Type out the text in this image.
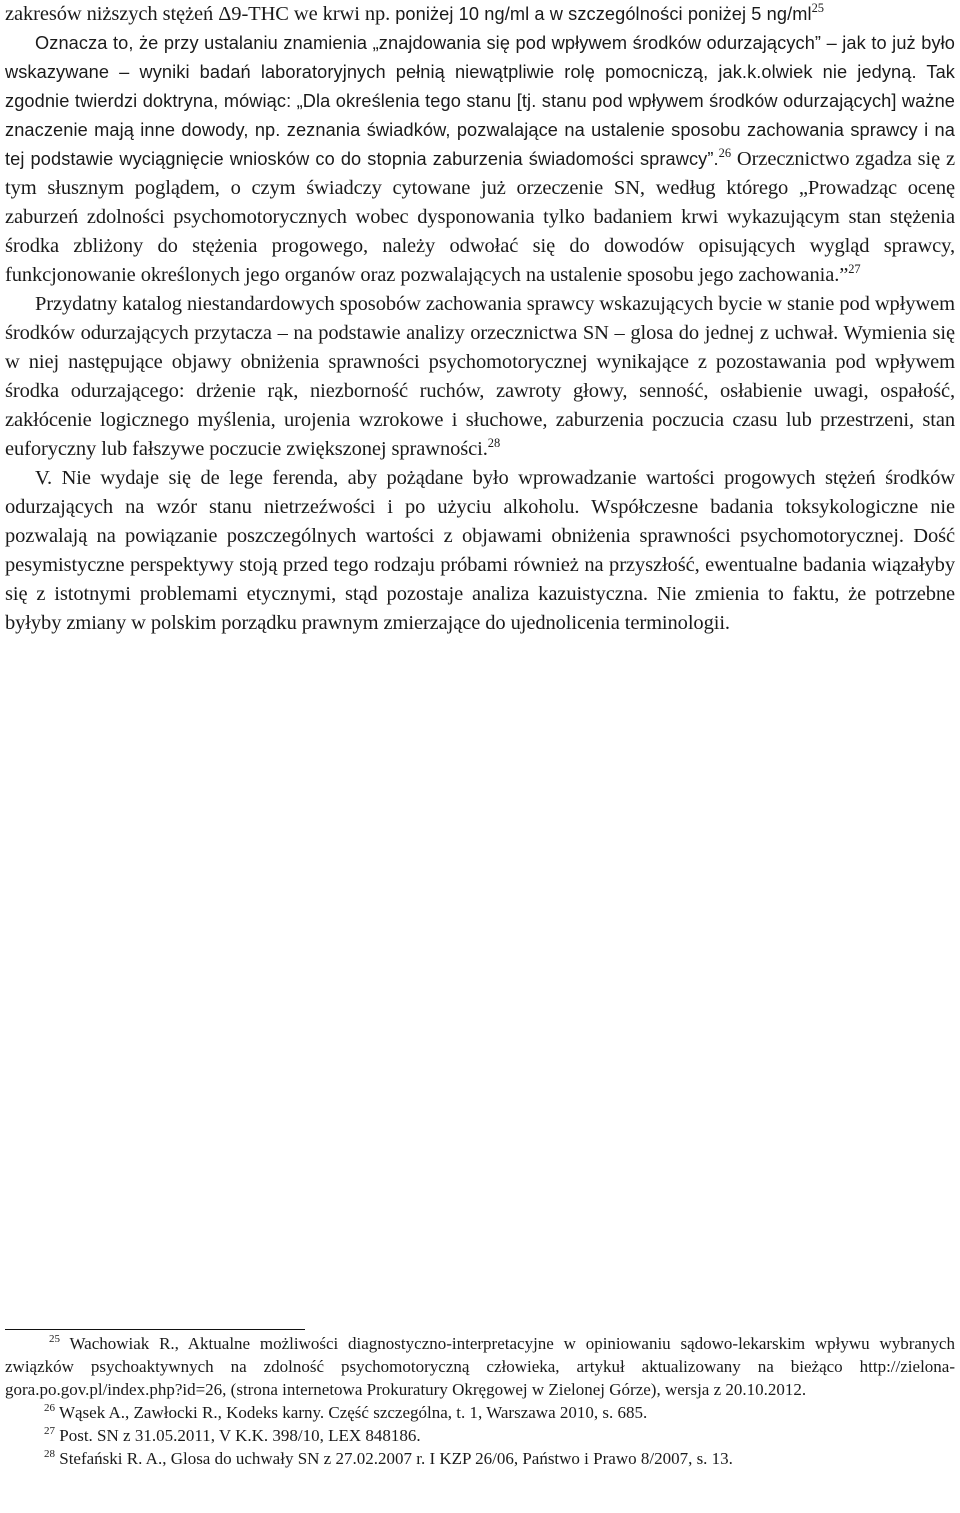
zakresów niższych stężeń Δ9-THC we krwi np. poniżej 10 ng/ml a w szczególności poniżej 5 $ng/ml^{25}$

Oznacza to, że przy ustalaniu znamienia „znajdowania się pod wpływem środków odurzających” – jak to już było wskazywane – wyniki badań laboratoryjnych pełnią niewątpliwie rolę pomocniczą, jak.k.olwiek nie jedyną. Tak zgodnie twierdzi doktryna, mówiąc: „Dla określenia tego stanu [tj. stanu pod wpływem środków odurzających] ważne znaczenie mają inne dowody, np. zeznania świadków, pozwalające na ustalenie sposobu zachowania sprawcy i na tej podstawie wyciągnięcie wniosków co do stopnia zaburzenia świadomości sprawcy”.$^{26}$ Orzecznictwo zgadza się z tym słusznym poglądem, o czym świadczy cytowane już orzeczenie SN, według którego „Prowadząc ocenę zaburzeń zdolności psychomotorycznych wobec dysponowania tylko badaniem krwi wykazującym stan stężenia środka zbliżony do stężenia progowego, należy odwołać się do dowodów opisujących wygląd sprawcy, funkcjonowanie określonych jego organów oraz pozwalających na ustalenie sposobu jego zachowania.”$^{27}$

Przydatny katalog niestandardowych sposobów zachowania sprawcy wskazujących bycie w stanie pod wpływem środków odurzających przytacza – na podstawie analizy orzecznictwa SN – glosa do jednej z uchwał. Wymienia się w niej następujące objawy obniżenia sprawności psychomotorycznej wynikające z pozostawania pod wpływem środka odurzającego: drżenie rąk, niezborność ruchów, zawroty głowy, senność, osłabienie uwagi, ospałość, zakłócenie logicznego myślenia, urojenia wzrokowe i słuchowe, zaburzenia poczucia czasu lub przestrzeni, stan euforyczny lub fałszywe poczucie zwiększonej sprawności.$^{28}$

V. Nie wydaje się de lege ferenda, aby pożądane było wprowadzanie wartości progowych stężeń środków odurzających na wzór stanu nietrzeźwości i po użyciu alkoholu. Współczesne badania toksykologiczne nie pozwalają na powiązanie poszczególnych wartości z objawami obniżenia sprawności psychomotorycznej. Dość pesymistyczne perspektywy stoją przed tego rodzaju próbami również na przyszłość, ewentualne badania wiązałyby się z istotnymi problemami etycznymi, stąd pozostaje analiza kazuistyczna. Nie zmienia to faktu, że potrzebne byłyby zmiany w polskim porządku prawnym zmierzające do ujednolicenia terminologii.

$^{25}$ Wachowiak R., Aktualne możliwości diagnostyczno-interpretacyjne w opiniowaniu sądowo-lekarskim wpływu wybranych związków psychoaktywnych na zdolność psychomotoryczną człowieka, artykuł aktualizowany na bieżąco http://zielona-gora.po.gov.pl/index.php?id=26, (strona internetowa Prokuratury Okręgowej w Zielonej Górze), wersja z 20.10.2012.

$^{26}$ Wąsek A., Zawłocki R., Kodeks karny. Część szczególna, t. 1, Warszawa 2010, s. 685.

$^{27}$ Post. SN z 31.05.2011, V K.K. 398/10, LEX 848186.

$^{28}$ Stefański R. A., Glosa do uchwały SN z 27.02.2007 r. I KZP 26/06, Państwo i Prawo 8/2007, s. 13.
